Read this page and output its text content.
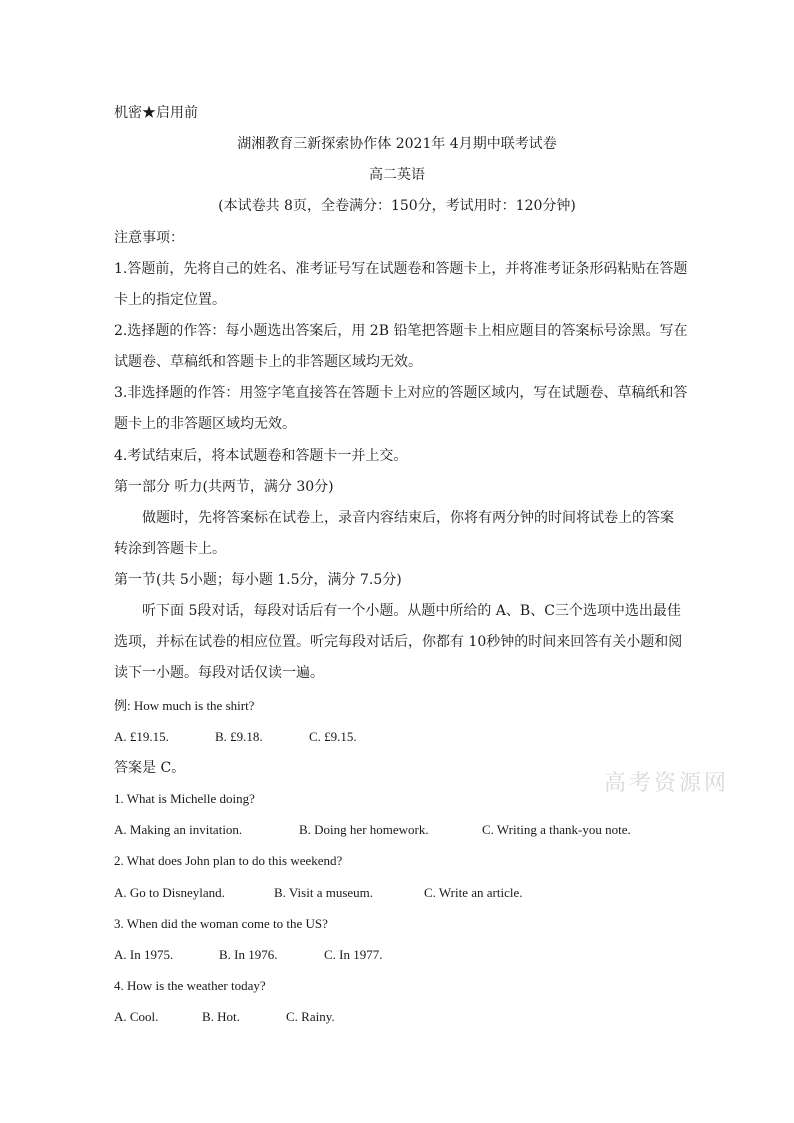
机密★启用前
湖湘教育三新探索协作体 2021年 4月期中联考试卷
高二英语
(本试卷共 8页，全卷满分：150分，考试用时：120分钟)
注意事项：
1.答题前，先将自己的姓名、准考证号写在试题卷和答题卡上，并将准考证条形码粘贴在答题
卡上的指定位置。
2.选择题的作答：每小题选出答案后，用 2B 铅笔把答题卡上相应题目的答案标号涂黑。写在
试题卷、草稿纸和答题卡上的非答题区域均无效。
3.非选择题的作答：用签字笔直接答在答题卡上对应的答题区域内，写在试题卷、草稿纸和答
题卡上的非答题区域均无效。
4.考试结束后，将本试题卷和答题卡一并上交。
第一部分 听力(共两节，满分 30分)
做题时，先将答案标在试卷上，录音内容结束后，你将有两分钟的时间将试卷上的答案
转涂到答题卡上。
第一节(共 5小题；每小题 1.5分，满分 7.5分)
听下面 5段对话，每段对话后有一个小题。从题中所给的 A、B、C三个选项中选出最佳
选项，并标在试卷的相应位置。听完每段对话后，你都有 10秒钟的时间来回答有关小题和阅
读下一小题。每段对话仅读一遍。
例: How much is the shirt?
A. £19.15.	B. £9.18.	C. £9.15.
答案是 C。
高考资源网
1. What is Michelle doing?
A. Making an invitation.	B. Doing her homework.	C. Writing a thank-you note.
2. What does John plan to do this weekend?
A. Go to Disneyland.	B. Visit a museum.	C. Write an article.
3. When did the woman come to the US?
A. In 1975.	B. In 1976.	C. In 1977.
4. How is the weather today?
A. Cool.	B. Hot.	C. Rainy.
